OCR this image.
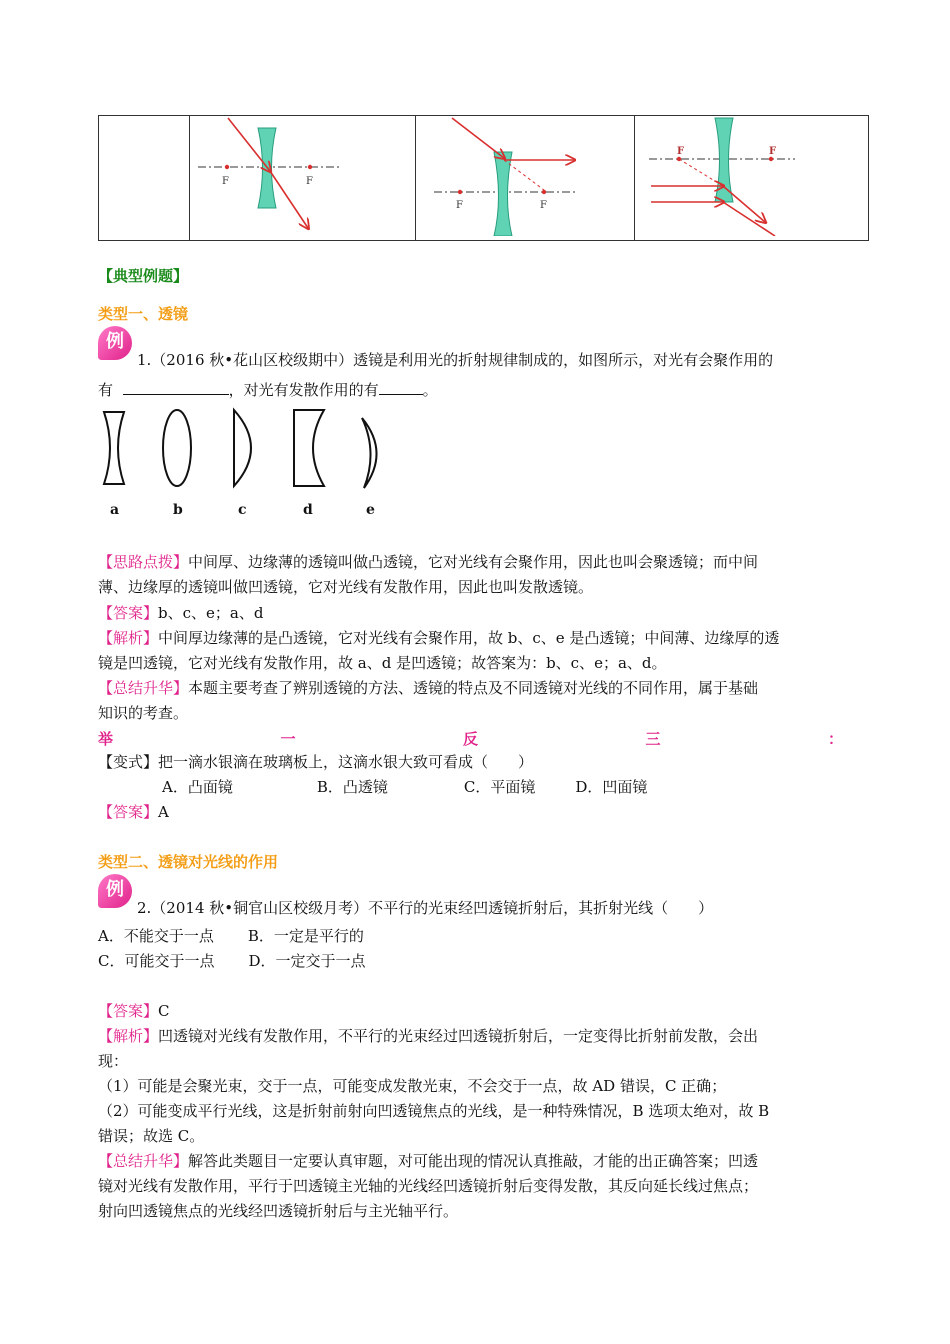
F	F

F	F

F	F
【典型例题】
类型一、透镜
例
1.（2016 秋•花山区校级期中）透镜是利用光的折射规律制成的，如图所示，对光有会聚作用的
有	，对光有发散作用的有	。
a	b	c	d	e
【思路点拨】中间厚、边缘薄的透镜叫做凸透镜，它对光线有会聚作用，因此也叫会聚透镜；而中间
薄、边缘厚的透镜叫做凹透镜，它对光线有发散作用，因此也叫发散透镜。
【答案】b、c、e；a、d
【解析】中间厚边缘薄的是凸透镜，它对光线有会聚作用，故 b、c、e 是凸透镜；中间薄、边缘厚的透
镜是凹透镜，它对光线有发散作用，故 a、d 是凹透镜；故答案为：b、c、e；a、d。
【总结升华】本题主要考查了辨别透镜的方法、透镜的特点及不同透镜对光线的不同作用，属于基础
知识的考查。
举	一	反	三	：
【变式】把一滴水银滴在玻璃板上，这滴水银大致可看成（　　）
A．凸面镜	B．凸透镜	C．平面镜	D．凹面镜
【答案】A
类型二、透镜对光线的作用
例
2.（2014 秋•铜官山区校级月考）不平行的光束经凹透镜折射后，其折射光线（　　）
A．不能交于一点 B．一定是平行的
C．可能交于一点 D．一定交于一点
【答案】C
【解析】凹透镜对光线有发散作用，不平行的光束经过凹透镜折射后，一定变得比折射前发散，会出
现：
（1）可能是会聚光束，交于一点，可能变成发散光束，不会交于一点，故 AD 错误，C 正确；
（2）可能变成平行光线，这是折射前射向凹透镜焦点的光线，是一种特殊情况，B 选项太绝对，故 B
错误；故选 C。
【总结升华】解答此类题目一定要认真审题，对可能出现的情况认真推敲，才能的出正确答案；凹透
镜对光线有发散作用，平行于凹透镜主光轴的光线经凹透镜折射后变得发散，其反向延长线过焦点；
射向凹透镜焦点的光线经凹透镜折射后与主光轴平行。
